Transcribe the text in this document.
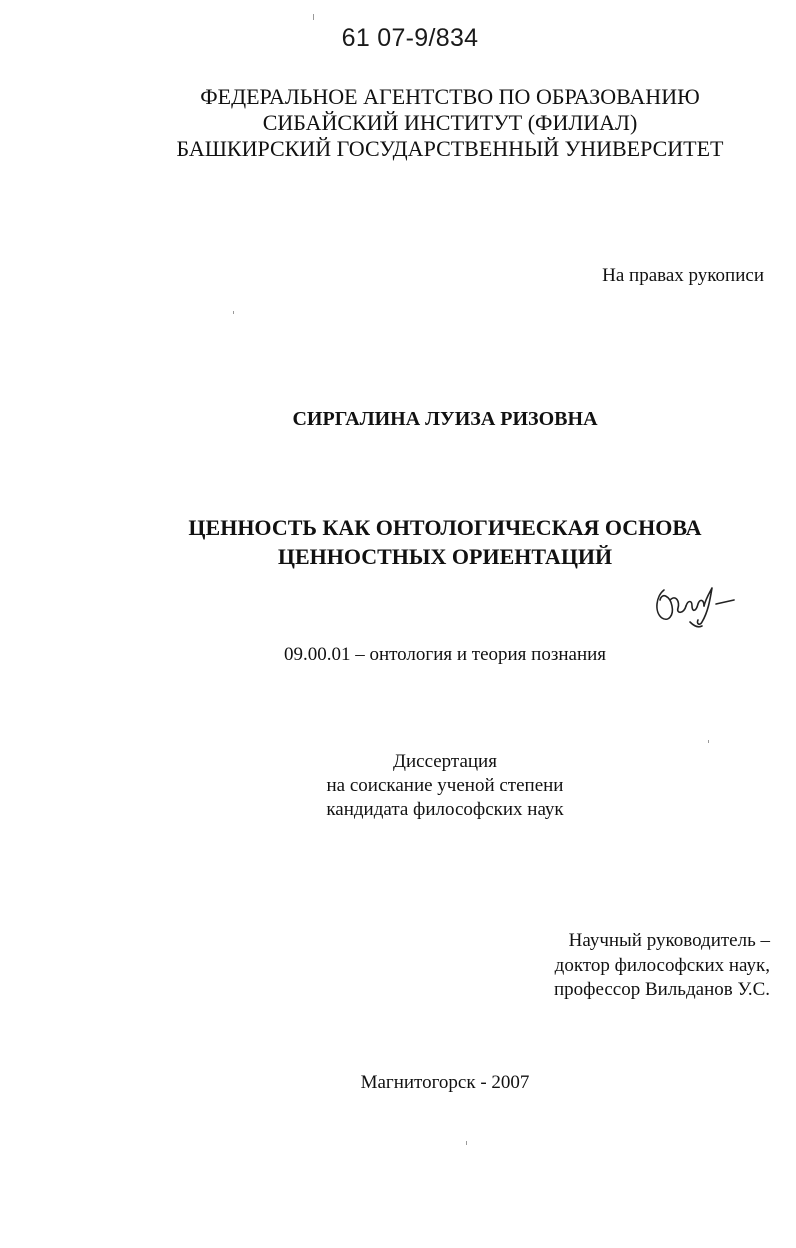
61 07-9/834
ФЕДЕРАЛЬНОЕ АГЕНТСТВО ПО ОБРАЗОВАНИЮ
СИБАЙСКИЙ ИНСТИТУТ (ФИЛИАЛ)
БАШКИРСКИЙ ГОСУДАРСТВЕННЫЙ УНИВЕРСИТЕТ
На правах рукописи
СИРГАЛИНА ЛУИЗА РИЗОВНА
ЦЕННОСТЬ КАК ОНТОЛОГИЧЕСКАЯ ОСНОВА
ЦЕННОСТНЫХ ОРИЕНТАЦИЙ
09.00.01 – онтология и теория познания
Диссертация
на соискание ученой степени
кандидата философских наук
Научный руководитель –
доктор философских наук,
профессор Вильданов У.С.
Магнитогорск - 2007
